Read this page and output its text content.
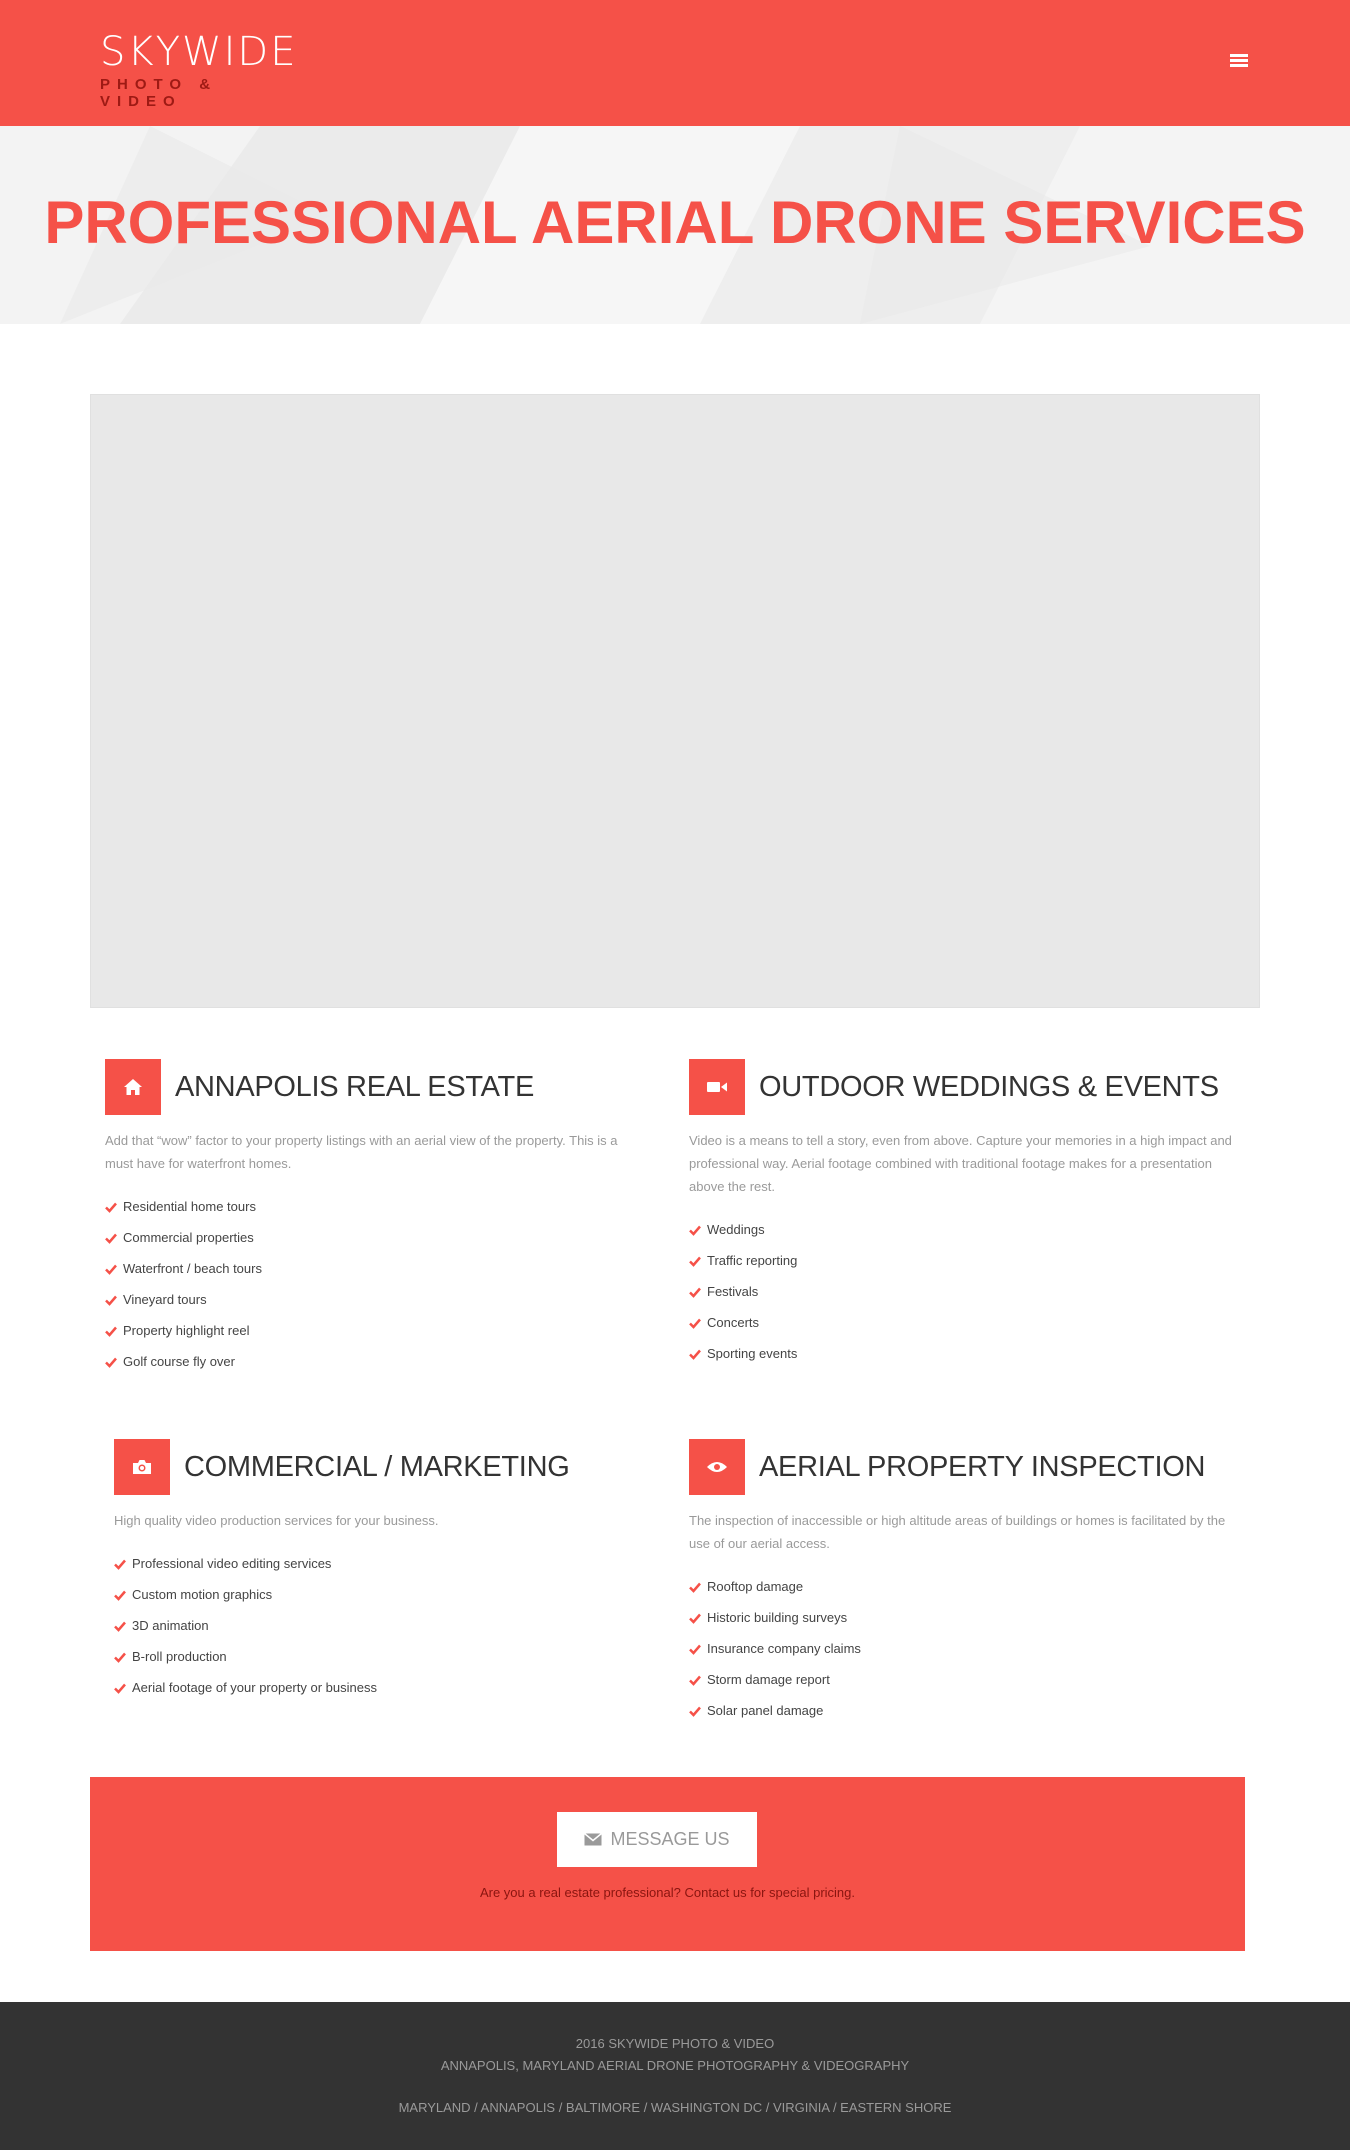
SKYWIDE
PHOTO & VIDEO
PROFESSIONAL AERIAL DRONE SERVICES
ANNAPOLIS REAL ESTATE
Add that “wow” factor to your property listings with an aerial view of the property. This is a must have for waterfront homes.
Residential home tours
Commercial properties
Waterfront / beach tours
Vineyard tours
Property highlight reel
Golf course fly over
OUTDOOR WEDDINGS & EVENTS
Video is a means to tell a story, even from above. Capture your memories in a high impact and professional way. Aerial footage combined with traditional footage makes for a presentation above the rest.
Weddings
Traffic reporting
Festivals
Concerts
Sporting events
COMMERCIAL / MARKETING
High quality video production services for your business.
Professional video editing services
Custom motion graphics
3D animation
B-roll production
Aerial footage of your property or business
AERIAL PROPERTY INSPECTION
The inspection of inaccessible or high altitude areas of buildings or homes is facilitated by the use of our aerial access.
Rooftop damage
Historic building surveys
Insurance company claims
Storm damage report
Solar panel damage
MESSAGE US
Are you a real estate professional? Contact us for special pricing.
2016 SKYWIDE PHOTO & VIDEO
ANNAPOLIS, MARYLAND AERIAL DRONE PHOTOGRAPHY & VIDEOGRAPHY
MARYLAND / ANNAPOLIS / BALTIMORE / WASHINGTON DC / VIRGINIA / EASTERN SHORE
